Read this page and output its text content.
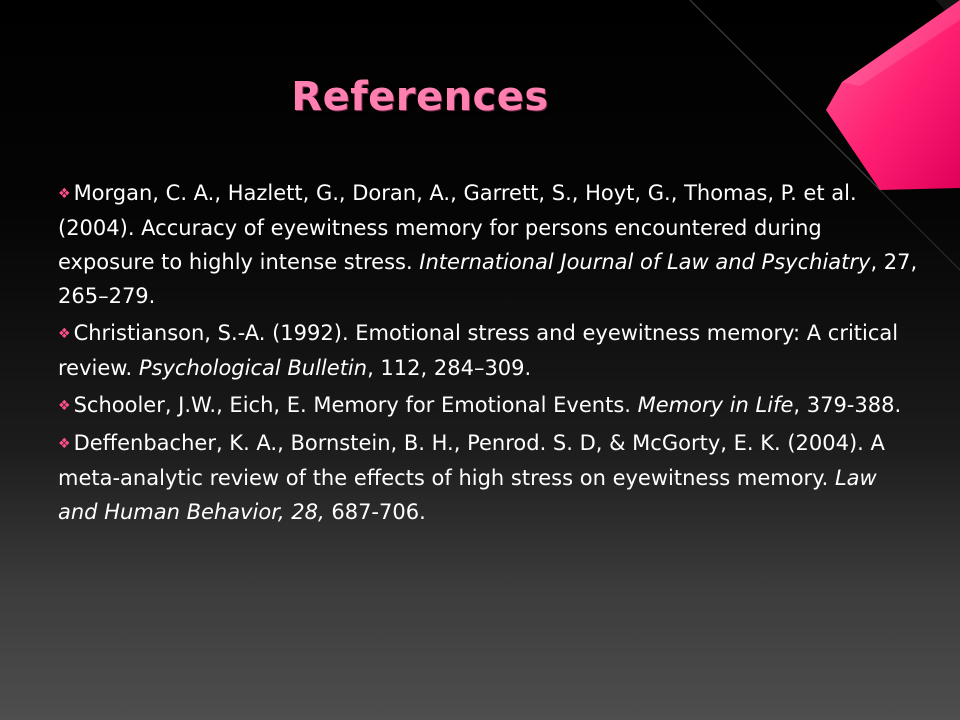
References
❖ Morgan, C. A., Hazlett, G., Doran, A., Garrett, S., Hoyt, G., Thomas, P. et al. (2004). Accuracy of eyewitness memory for persons encountered during exposure to highly intense stress. International Journal of Law and Psychiatry, 27, 265–279.
❖ Christianson, S.-A. (1992). Emotional stress and eyewitness memory: A critical review. Psychological Bulletin, 112, 284–309.
❖ Schooler, J.W., Eich, E. Memory for Emotional Events. Memory in Life, 379-388.
❖ Deffenbacher, K. A., Bornstein, B. H., Penrod. S. D, & McGorty, E. K. (2004). A meta-analytic review of the effects of high stress on eyewitness memory. Law and Human Behavior, 28, 687-706.
